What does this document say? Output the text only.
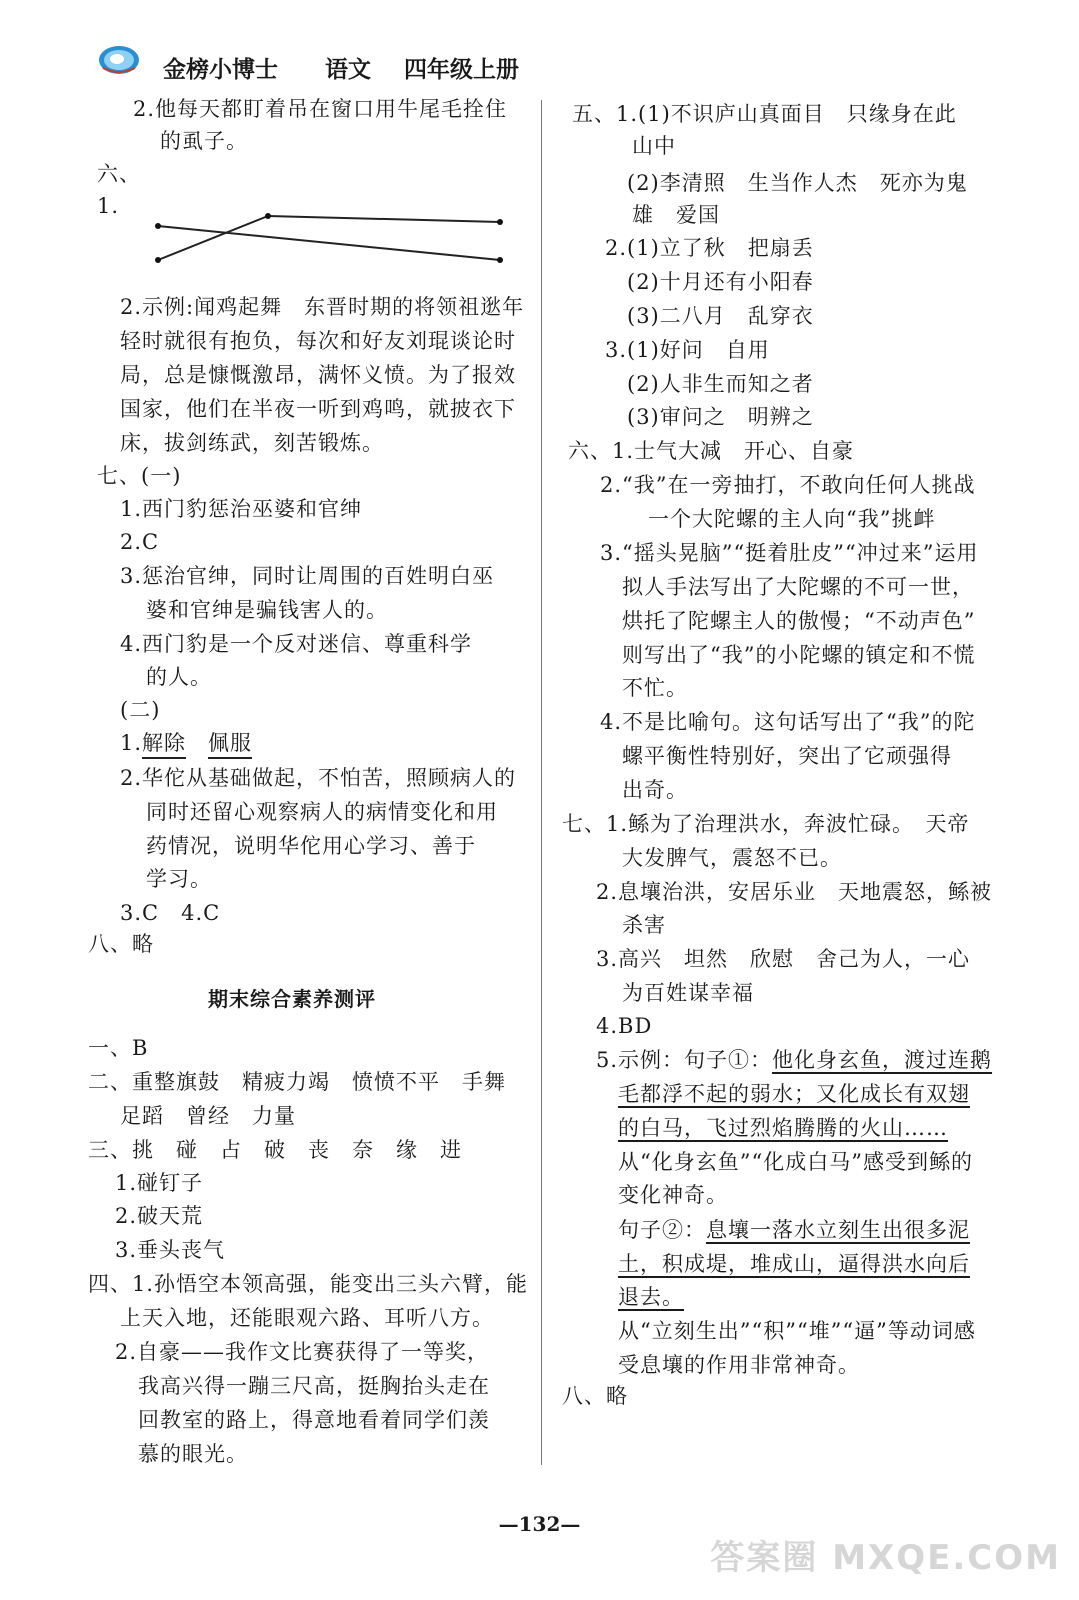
金榜小博士 语文 四年级上册
2.他每天都盯着吊在窗口用牛尾毛拴住
的虱子。
六、
1.
2.示例:闻鸡起舞　东晋时期的将领祖逖年
轻时就很有抱负，每次和好友刘琨谈论时
局，总是慷慨激昂，满怀义愤。为了报效
国家，他们在半夜一听到鸡鸣，就披衣下
床，拔剑练武，刻苦锻炼。
七、(一)
1.西门豹惩治巫婆和官绅
2.C
3.惩治官绅，同时让周围的百姓明白巫
婆和官绅是骗钱害人的。
4.西门豹是一个反对迷信、尊重科学
的人。
(二)
1.解除　 佩服
2.华佗从基础做起，不怕苦，照顾病人的
同时还留心观察病人的病情变化和用
药情况，说明华佗用心学习、善于
学习。
3.C　4.C
八、略
期末综合素养测评
一、B
二、重整旗鼓　精疲力竭　愤愤不平　手舞
足蹈　曾经　力量
三、挑　碰　占　破　丧　奈　缘　进
1.碰钉子
2.破天荒
3.垂头丧气
四、1.孙悟空本领高强，能变出三头六臂，能
上天入地，还能眼观六路、耳听八方。
2.自豪——我作文比赛获得了一等奖，
我高兴得一蹦三尺高，挺胸抬头走在
回教室的路上，得意地看着同学们羡
慕的眼光。
五、1.(1)不识庐山真面目　只缘身在此
山中
(2)李清照　生当作人杰　死亦为鬼
雄　爱国
2.(1)立了秋　把扇丢
(2)十月还有小阳春
(3)二八月　乱穿衣
3.(1)好问　自用
(2)人非生而知之者
(3)审问之　明辨之
六、1.士气大减　开心、自豪
2.“我”在一旁抽打，不敢向任何人挑战
一个大陀螺的主人向“我”挑衅
3.“摇头晃脑”“挺着肚皮”“冲过来”运用
拟人手法写出了大陀螺的不可一世，
烘托了陀螺主人的傲慢；“不动声色”
则写出了“我”的小陀螺的镇定和不慌
不忙。
4.不是比喻句。这句话写出了“我”的陀
螺平衡性特别好，突出了它顽强得
出奇。
七、1.鲧为了治理洪水，奔波忙碌。　天帝
大发脾气，震怒不已。
2.息壤治洪，安居乐业　天地震怒，鲧被
杀害
3.高兴　坦然　欣慰　舍己为人，一心
为百姓谋幸福
4.BD
5.示例：句子①：他化身玄鱼，渡过连鹅
毛都浮不起的弱水；又化成长有双翅
的白马，飞过烈焰腾腾的火山……
从“化身玄鱼”“化成白马”感受到鲧的
变化神奇。
句子②：息壤一落水立刻生出很多泥
土，积成堤，堆成山，逼得洪水向后
退去。
从“立刻生出”“积”“堆”“逼”等动词感
受息壤的作用非常神奇。
八、略
—132—
答案圈 MXQE.COM
